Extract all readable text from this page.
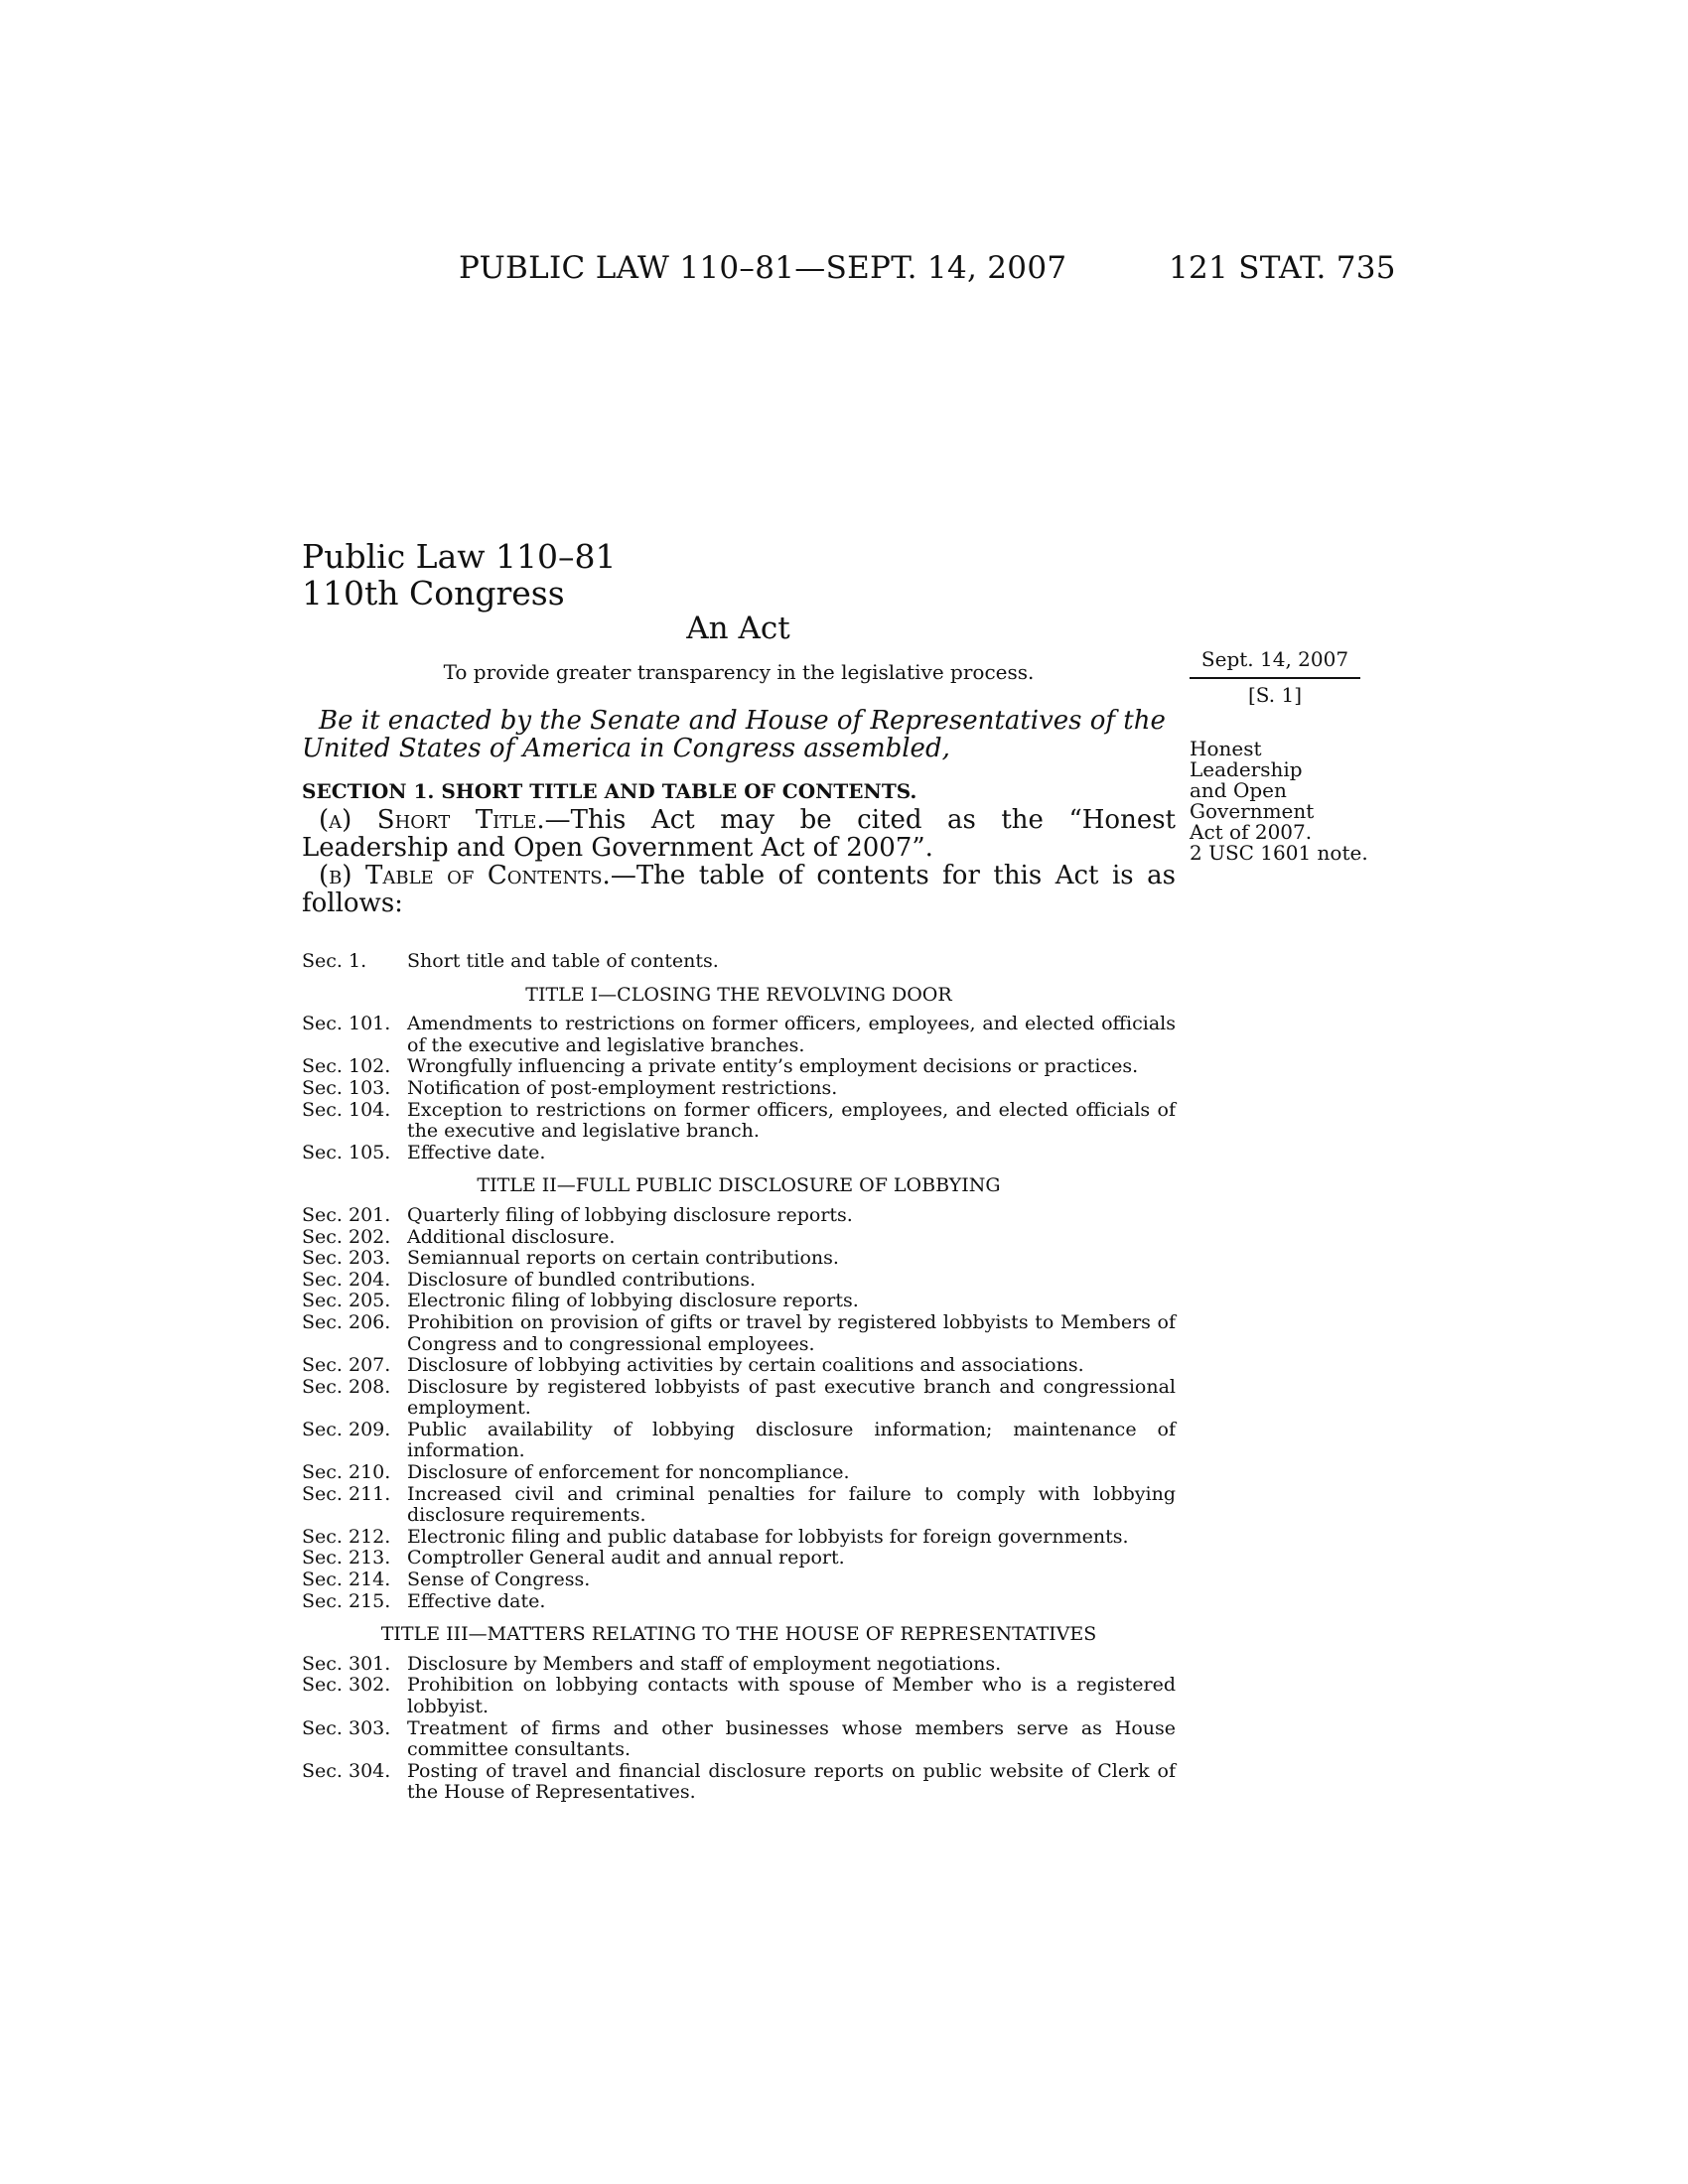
PUBLIC LAW 110–81—SEPT. 14, 2007	121 STAT. 735
Public Law 110–81
110th Congress
An Act
To provide greater transparency in the legislative process.
Sept. 14, 2007
[S. 1]
Honest
Leadership
and Open
Government
Act of 2007.
2 USC 1601 note.
Be it enacted by the Senate and House of Representatives of the United States of America in Congress assembled,
SECTION 1. SHORT TITLE AND TABLE OF CONTENTS.
(a) Short Title.—This Act may be cited as the “Honest Leadership and Open Government Act of 2007”.
(b) Table of Contents.—The table of contents for this Act is as follows:
Sec. 1.	Short title and table of contents.
TITLE I—CLOSING THE REVOLVING DOOR
Sec. 101. Amendments to restrictions on former officers, employees, and elected officials of the executive and legislative branches.
Sec. 102. Wrongfully influencing a private entity’s employment decisions or practices.
Sec. 103. Notification of post-employment restrictions.
Sec. 104. Exception to restrictions on former officers, employees, and elected officials of the executive and legislative branch.
Sec. 105. Effective date.
TITLE II—FULL PUBLIC DISCLOSURE OF LOBBYING
Sec. 201. Quarterly filing of lobbying disclosure reports.
Sec. 202. Additional disclosure.
Sec. 203. Semiannual reports on certain contributions.
Sec. 204. Disclosure of bundled contributions.
Sec. 205. Electronic filing of lobbying disclosure reports.
Sec. 206. Prohibition on provision of gifts or travel by registered lobbyists to Members of Congress and to congressional employees.
Sec. 207. Disclosure of lobbying activities by certain coalitions and associations.
Sec. 208. Disclosure by registered lobbyists of past executive branch and congressional employment.
Sec. 209. Public availability of lobbying disclosure information; maintenance of information.
Sec. 210. Disclosure of enforcement for noncompliance.
Sec. 211. Increased civil and criminal penalties for failure to comply with lobbying disclosure requirements.
Sec. 212. Electronic filing and public database for lobbyists for foreign governments.
Sec. 213. Comptroller General audit and annual report.
Sec. 214. Sense of Congress.
Sec. 215. Effective date.
TITLE III—MATTERS RELATING TO THE HOUSE OF REPRESENTATIVES
Sec. 301. Disclosure by Members and staff of employment negotiations.
Sec. 302. Prohibition on lobbying contacts with spouse of Member who is a registered lobbyist.
Sec. 303. Treatment of firms and other businesses whose members serve as House committee consultants.
Sec. 304. Posting of travel and financial disclosure reports on public website of Clerk of the House of Representatives.
